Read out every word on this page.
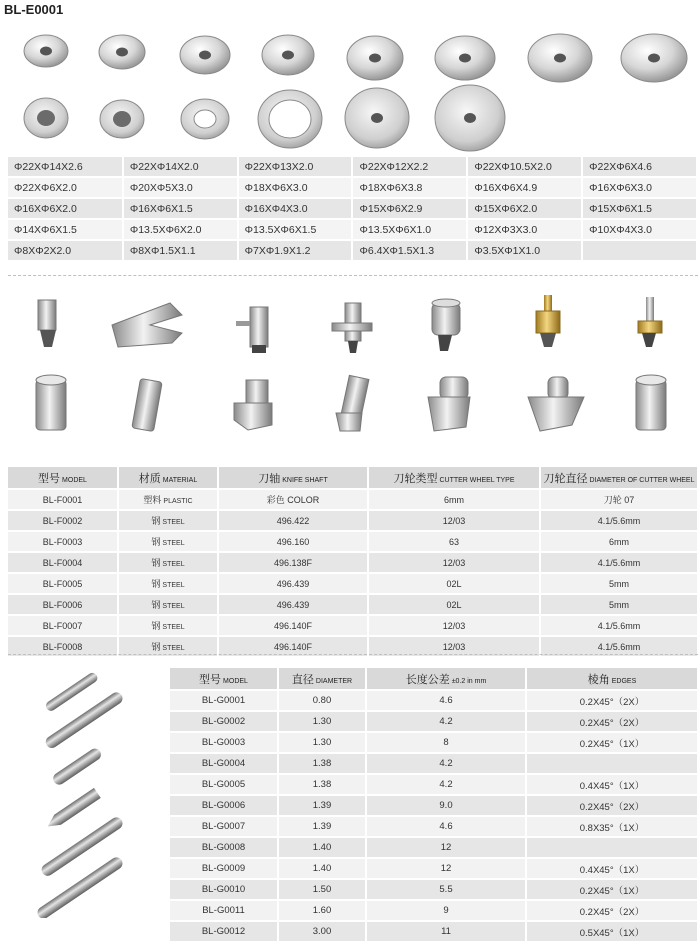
BL-E0001
Φ22XΦ14X2.6	Φ22XΦ14X2.0	Φ22XΦ13X2.0	Φ22XΦ12X2.2	Φ22XΦ10.5X2.0	Φ22XΦ6X4.6
Φ22XΦ6X2.0	Φ20XΦ5X3.0	Φ18XΦ6X3.0	Φ18XΦ6X3.8	Φ16XΦ6X4.9	Φ16XΦ6X3.0
Φ16XΦ6X2.0	Φ16XΦ6X1.5	Φ16XΦ4X3.0	Φ15XΦ6X2.9	Φ15XΦ6X2.0	Φ15XΦ6X1.5
Φ14XΦ6X1.5	Φ13.5XΦ6X2.0	Φ13.5XΦ6X1.5	Φ13.5XΦ6X1.0	Φ12XΦ3X3.0	Φ10XΦ4X3.0
Φ8XΦ2X2.0	Φ8XΦ1.5X1.1	Φ7XΦ1.9X1.2	Φ6.4XΦ1.5X1.3	Φ3.5XΦ1X1.0	
型号 MODEL	材质 MATERIAL	刀轴 KNIFE SHAFT	刀轮类型 CUTTER WHEEL TYPE	刀轮直径 DIAMETER OF CUTTER WHEEL
BL-F0001	塑料 PLASTIC	彩色 COLOR	6mm	刀轮 07
BL-F0002	钢 STEEL	496.422	12/03	4.1/5.6mm
BL-F0003	钢 STEEL	496.160	63	6mm
BL-F0004	钢 STEEL	496.138F	12/03	4.1/5.6mm
BL-F0005	钢 STEEL	496.439	02L	5mm
BL-F0006	钢 STEEL	496.439	02L	5mm
BL-F0007	钢 STEEL	496.140F	12/03	4.1/5.6mm
BL-F0008	钢 STEEL	496.140F	12/03	4.1/5.6mm
型号 MODEL	直径 DIAMETER	长度公差 ±0.2 in mm	棱角 EDGES
BL-G0001	0.80	4.6	0.2X45°（2X）
BL-G0002	1.30	4.2	0.2X45°（2X）
BL-G0003	1.30	8	0.2X45°（1X）
BL-G0004	1.38	4.2	
BL-G0005	1.38	4.2	0.4X45°（1X）
BL-G0006	1.39	9.0	0.2X45°（2X）
BL-G0007	1.39	4.6	0.8X35°（1X）
BL-G0008	1.40	12	
BL-G0009	1.40	12	0.4X45°（1X）
BL-G0010	1.50	5.5	0.2X45°（1X）
BL-G0011	1.60	9	0.2X45°（2X）
BL-G0012	3.00	11	0.5X45°（1X）
